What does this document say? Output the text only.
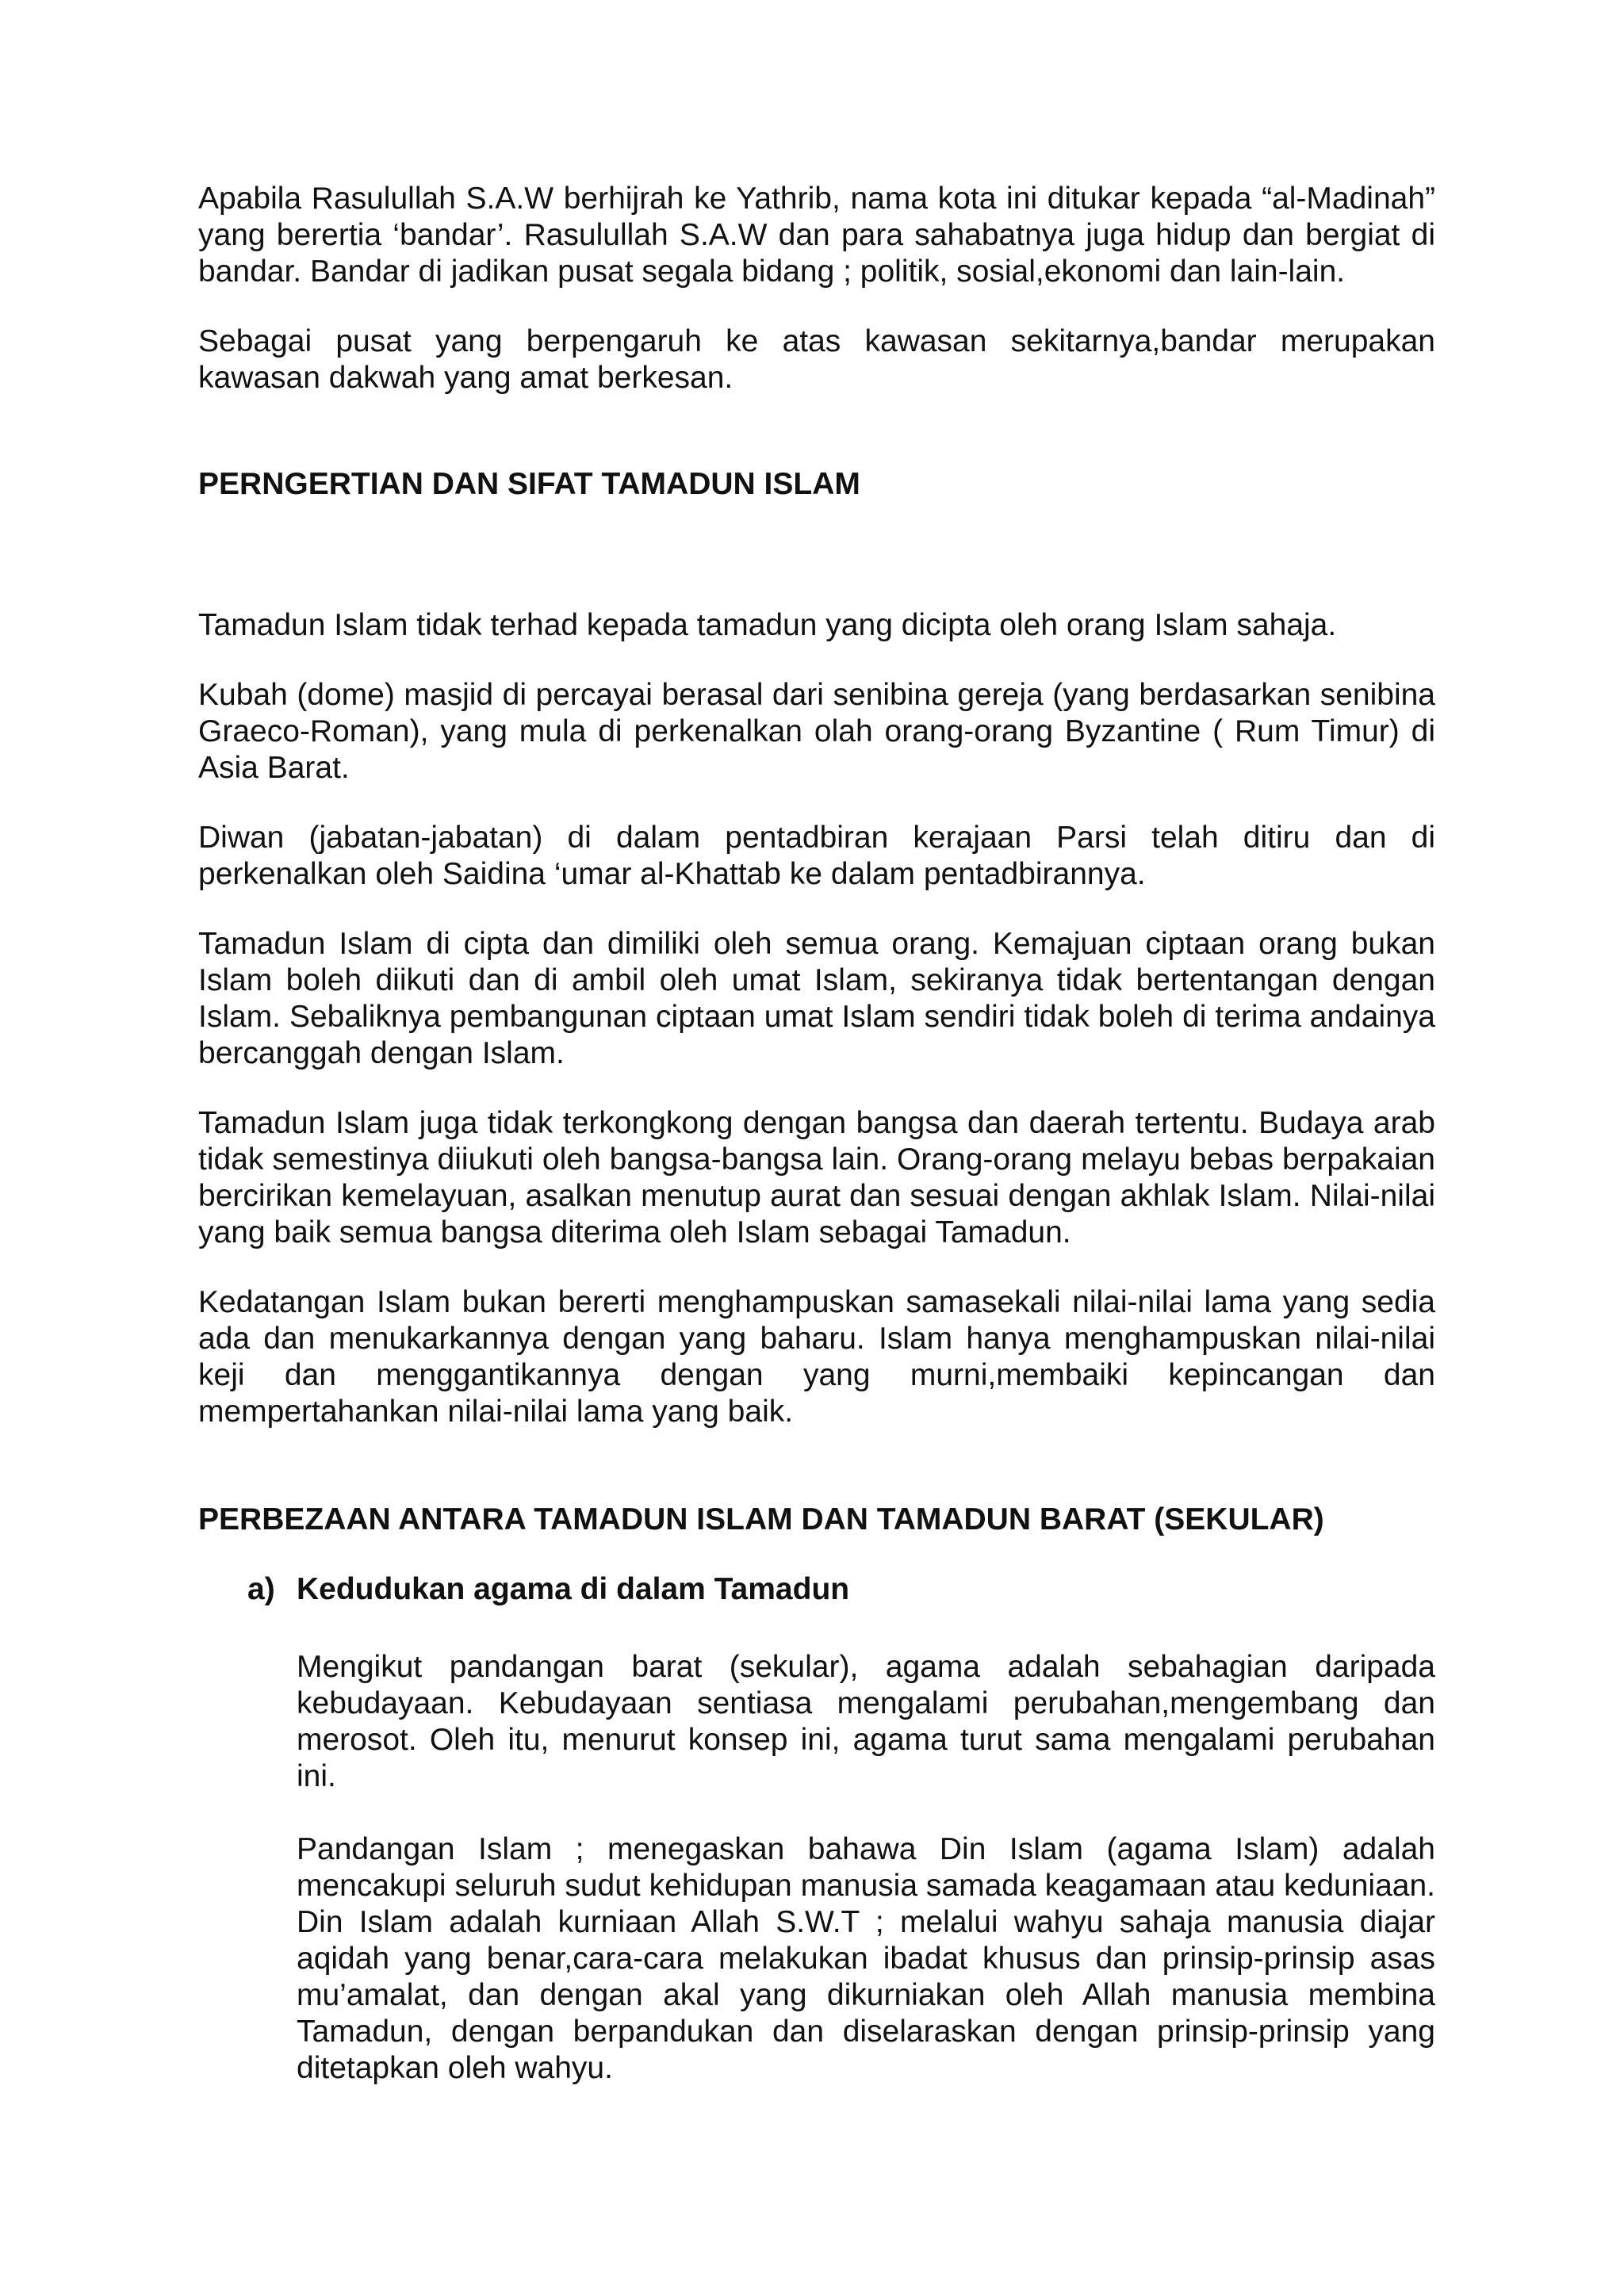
Apabila Rasulullah S.A.W berhijrah ke Yathrib, nama kota ini ditukar kepada “al-Madinah” yang berertia ‘bandar’. Rasulullah S.A.W dan para sahabatnya juga hidup dan bergiat di bandar. Bandar di jadikan pusat segala bidang ; politik, sosial,ekonomi dan lain-lain.

Sebagai pusat yang berpengaruh ke atas kawasan sekitarnya,bandar merupakan kawasan dakwah yang amat berkesan.

PERNGERTIAN DAN SIFAT TAMADUN ISLAM

Tamadun Islam tidak terhad kepada tamadun yang dicipta oleh orang Islam sahaja.

Kubah (dome) masjid di percayai berasal dari senibina gereja (yang berdasarkan senibina Graeco-Roman), yang mula di perkenalkan olah orang-orang Byzantine ( Rum Timur) di Asia Barat.

Diwan (jabatan-jabatan) di dalam pentadbiran kerajaan Parsi telah ditiru dan di perkenalkan oleh Saidina ‘umar al-Khattab ke dalam pentadbirannya.

Tamadun Islam di cipta dan dimiliki oleh semua orang. Kemajuan ciptaan orang bukan Islam boleh diikuti dan di ambil oleh umat Islam, sekiranya tidak bertentangan dengan Islam. Sebaliknya pembangunan ciptaan umat Islam sendiri tidak boleh di terima andainya bercanggah dengan Islam.

Tamadun Islam juga tidak terkongkong dengan bangsa dan daerah tertentu. Budaya arab tidak semestinya diiukuti oleh bangsa-bangsa lain. Orang-orang melayu bebas berpakaian bercirikan kemelayuan, asalkan menutup aurat dan sesuai dengan akhlak Islam. Nilai-nilai yang baik semua bangsa diterima oleh Islam sebagai Tamadun.

Kedatangan Islam bukan bererti menghampuskan samasekali nilai-nilai lama yang sedia ada dan menukarkannya dengan yang baharu. Islam hanya menghampuskan nilai-nilai keji dan menggantikannya dengan yang murni,membaiki kepincangan dan mempertahankan nilai-nilai lama yang baik.

PERBEZAAN ANTARA TAMADUN ISLAM DAN TAMADUN BARAT (SEKULAR)

a) Kedudukan agama di dalam Tamadun

Mengikut pandangan barat (sekular), agama adalah sebahagian daripada kebudayaan. Kebudayaan sentiasa mengalami perubahan,mengembang dan merosot. Oleh itu, menurut konsep ini, agama turut sama mengalami perubahan ini.

Pandangan Islam ; menegaskan bahawa Din Islam (agama Islam) adalah mencakupi seluruh sudut kehidupan manusia samada keagamaan atau keduniaan. Din Islam adalah kurniaan Allah S.W.T ; melalui wahyu sahaja manusia diajar aqidah yang benar,cara-cara melakukan ibadat khusus dan prinsip-prinsip asas mu’amalat, dan dengan akal yang dikurniakan oleh Allah manusia membina Tamadun, dengan berpandukan dan diselaraskan dengan prinsip-prinsip yang ditetapkan oleh wahyu.
